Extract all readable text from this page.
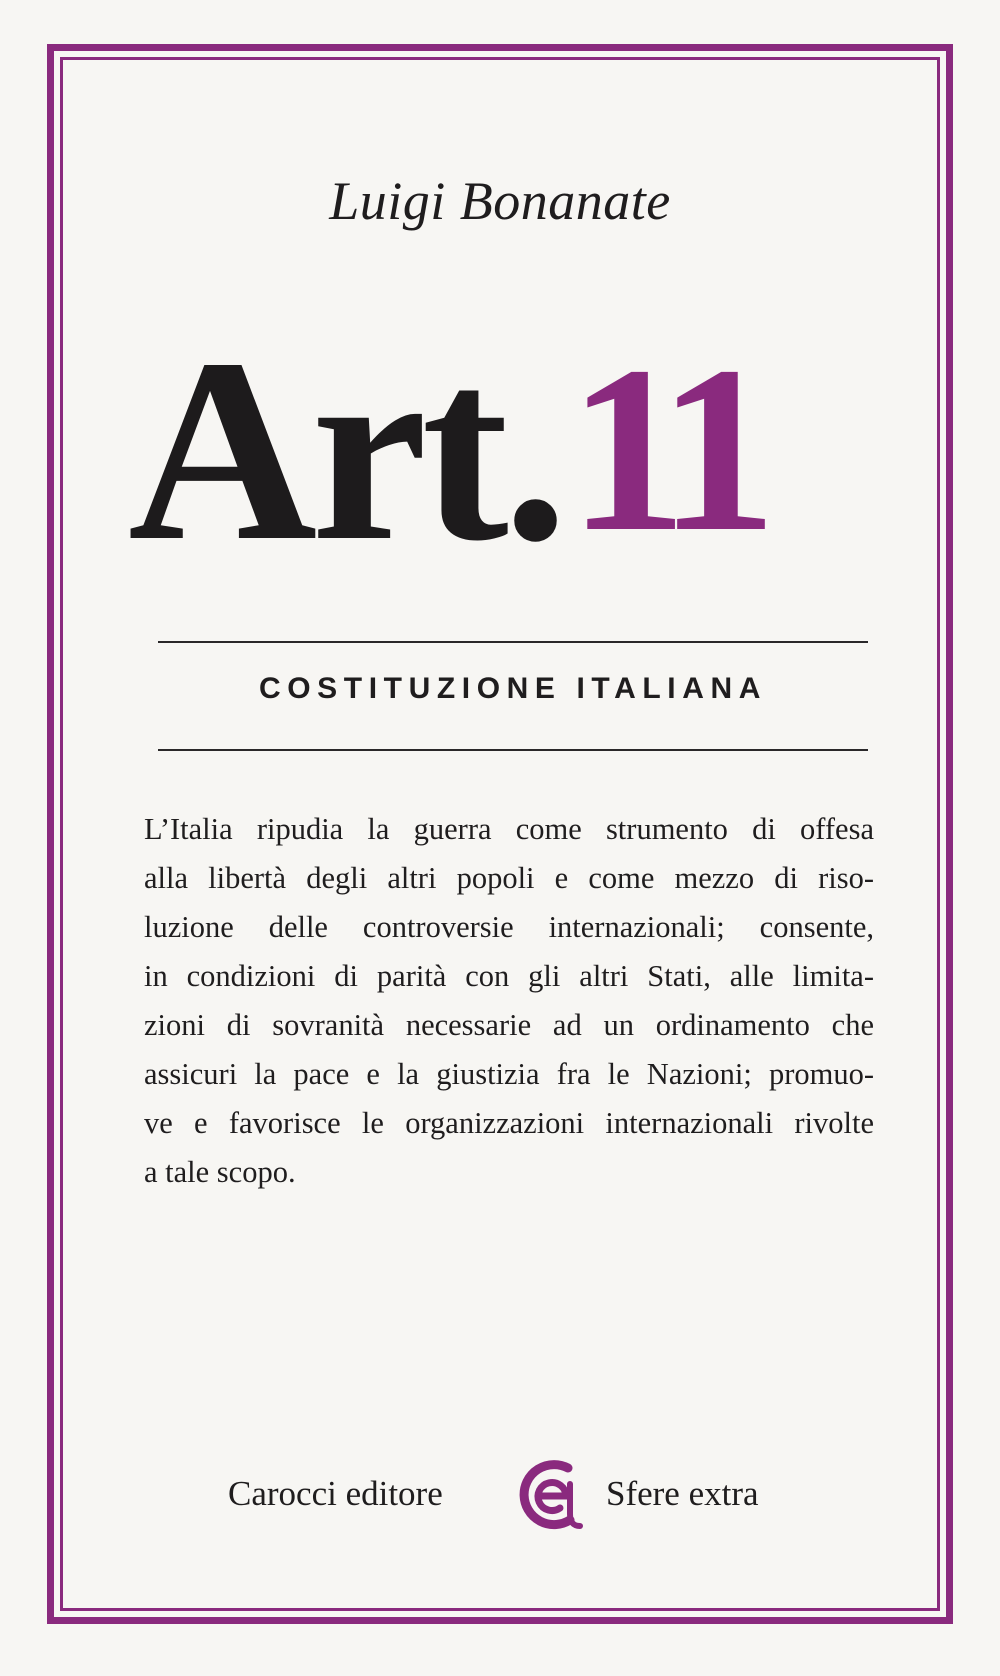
Luigi Bonanate
Art.11
COSTITUZIONE ITALIANA
L’Italia ripudia la guerra come strumento di offesa
alla libertà degli altri popoli e come mezzo di riso-
luzione delle controversie internazionali; consente,
in condizioni di parità con gli altri Stati, alle limita-
zioni di sovranità necessarie ad un ordinamento che
assicuri la pace e la giustizia fra le Nazioni; promuo-
ve e favorisce le organizzazioni internazionali rivolte
a tale scopo.
Carocci editore	Sfere extra
